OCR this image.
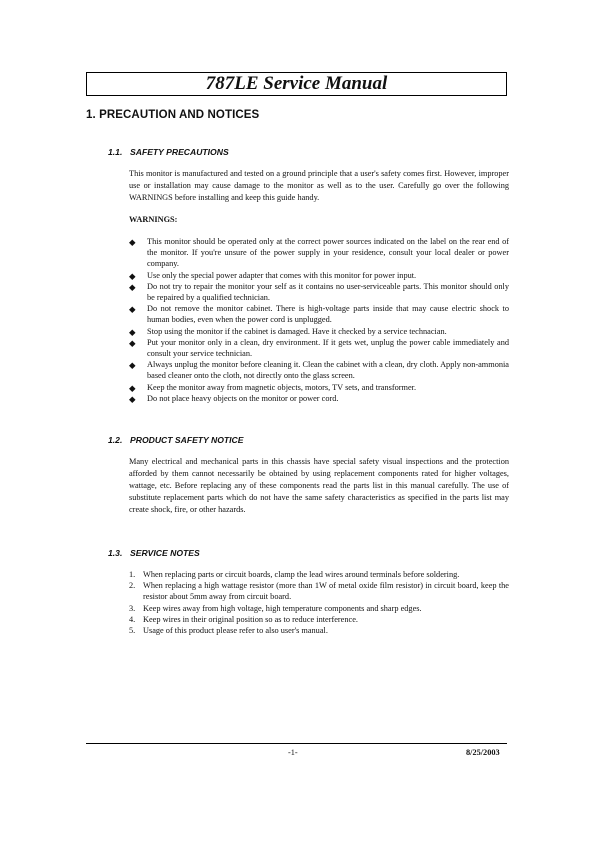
787LE Service Manual
1. PRECAUTION AND NOTICES
1.1. SAFETY PRECAUTIONS

This monitor is manufactured and tested on a ground principle that a user's safety comes first. However, improper use or installation may cause damage to the monitor as well as to the user. Carefully go over the following WARNINGS before installing and keep this guide handy.

WARNINGS:
◆ This monitor should be operated only at the correct power sources indicated on the label on the rear end of the monitor. If you're unsure of the power supply in your residence, consult your local dealer or power company.
◆ Use only the special power adapter that comes with this monitor for power input.
◆ Do not try to repair the monitor your self as it contains no user-serviceable parts. This monitor should only be repaired by a qualified technician.
◆ Do not remove the monitor cabinet. There is high-voltage parts inside that may cause electric shock to human bodies, even when the power cord is unplugged.
◆ Stop using the monitor if the cabinet is damaged. Have it checked by a service technacian.
◆ Put your monitor only in a clean, dry environment. If it gets wet, unplug the power cable immediately and consult your service technician.
◆ Always unplug the monitor before cleaning it. Clean the cabinet with a clean, dry cloth. Apply non-ammonia based cleaner onto the cloth, not directly onto the glass screen.
◆ Keep the monitor away from magnetic objects, motors, TV sets, and transformer.
◆ Do not place heavy objects on the monitor or power cord.
1.2. PRODUCT SAFETY NOTICE

Many electrical and mechanical parts in this chassis have special safety visual inspections and the protection afforded by them cannot necessarily be obtained by using replacement components rated for higher voltages, wattage, etc. Before replacing any of these components read the parts list in this manual carefully. The use of substitute replacement parts which do not have the same safety characteristics as specified in the parts list may create shock, fire, or other hazards.

1.3. SERVICE NOTES
1. When replacing parts or circuit boards, clamp the lead wires around terminals before soldering.
2. When replacing a high wattage resistor (more than 1W of metal oxide film resistor) in circuit board, keep the resistor about 5mm away from circuit board.
3. Keep wires away from high voltage, high temperature components and sharp edges.
4. Keep wires in their original position so as to reduce interference.
5. Usage of this product please refer to also user's manual.
-1-	8/25/2003
